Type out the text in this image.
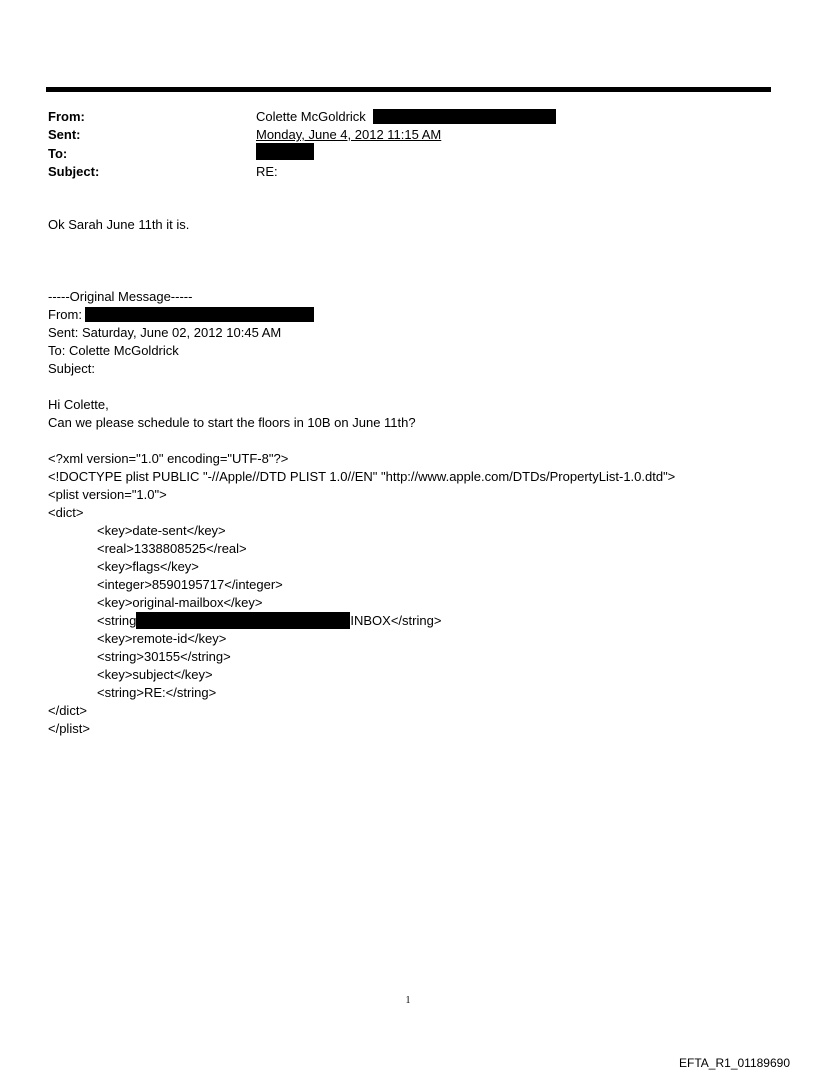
From:
Sent:
To:
Subject:
Colette McGoldrick
Monday, June 4, 2012 11:15 AM
RE:
Ok Sarah June 11th it is.
-----Original Message-----
From:
Sent: Saturday, June 02, 2012 10:45 AM
To: Colette McGoldrick
Subject:
Hi Colette,
Can we please schedule to start the floors in 10B on June 11th?
<?xml version="1.0" encoding="UTF-8"?>
<!DOCTYPE plist PUBLIC "-//Apple//DTD PLIST 1.0//EN" "http://www.apple.com/DTDs/PropertyList-1.0.dtd">
<plist version="1.0">
<dict>
<key>date-sent</key>
<real>1338808525</real>
<key>flags</key>
<integer>8590195717</integer>
<key>original-mailbox</key>
<string	INBOX</string>
<key>remote-id</key>
<string>30155</string>
<key>subject</key>
<string>RE:</string>
</dict>
</plist>
1
EFTA_R1_01189690
